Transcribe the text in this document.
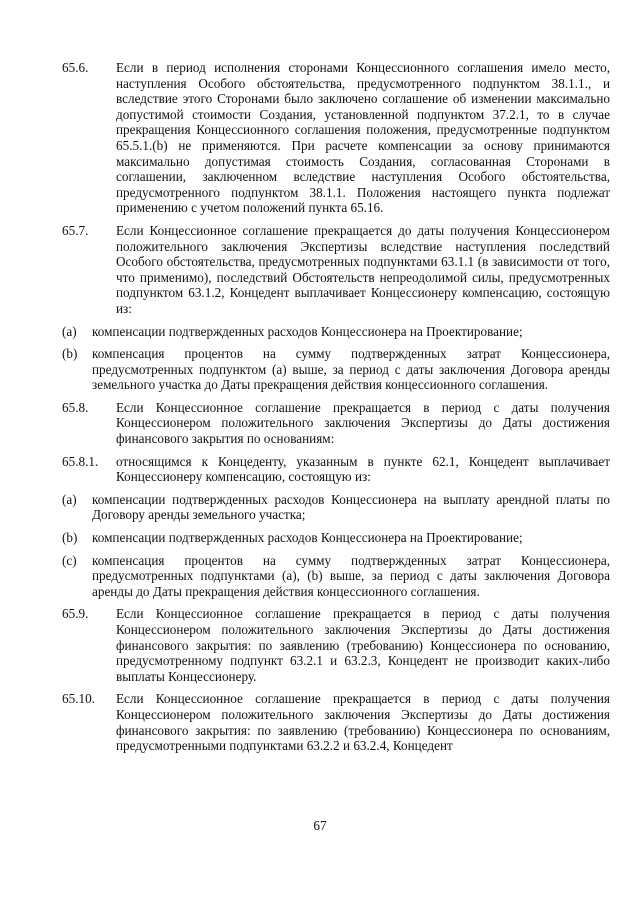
65.6.	Если в период исполнения сторонами Концессионного соглашения имело место, наступления Особого обстоятельства, предусмотренного подпунктом 38.1.1., и вследствие этого Сторонами было заключено соглашение об изменении максимально допустимой стоимости Создания, установленной подпунктом 37.2.1, то в случае прекращения Концессионного соглашения положения, предусмотренные подпунктом 65.5.1.(b) не применяются. При расчете компенсации за основу принимаются максимально допустимая стоимость Создания, согласованная Сторонами в соглашении, заключенном вследствие наступления Особого обстоятельства, предусмотренного подпунктом 38.1.1. Положения настоящего пункта подлежат применению с учетом положений пункта 65.16.
65.7.	Если Концессионное соглашение прекращается до даты получения Концессионером положительного заключения Экспертизы вследствие наступления последствий Особого обстоятельства, предусмотренных подпунктами 63.1.1 (в зависимости от того, что применимо), последствий Обстоятельств непреодолимой силы, предусмотренных подпунктом 63.1.2, Концедент выплачивает Концессионеру компенсацию, состоящую из:
(a)	компенсации подтвержденных расходов Концессионера на Проектирование;
(b)	компенсация процентов на сумму подтвержденных затрат Концессионера, предусмотренных подпунктом (а) выше, за период с даты заключения Договора аренды земельного участка до Даты прекращения действия концессионного соглашения.
65.8.	Если Концессионное соглашение прекращается в период с даты получения Концессионером положительного заключения Экспертизы до Даты достижения финансового закрытия по основаниям:
65.8.1.	относящимся к Концеденту, указанным в пункте 62.1, Концедент выплачивает Концессионеру компенсацию, состоящую из:
(a)	компенсации подтвержденных расходов Концессионера на выплату арендной платы по Договору аренды земельного участка;
(b)	компенсации подтвержденных расходов Концессионера на Проектирование;
(c)	компенсация процентов на сумму подтвержденных затрат Концессионера, предусмотренных подпунктами (а), (b) выше, за период с даты заключения Договора аренды до Даты прекращения действия концессионного соглашения.
65.9.	Если Концессионное соглашение прекращается в период с даты получения Концессионером положительного заключения Экспертизы до Даты достижения финансового закрытия: по заявлению (требованию) Концессионера по основанию, предусмотренному подпункт 63.2.1 и 63.2.3, Концедент не производит каких-либо выплаты Концессионеру.
65.10.	Если Концессионное соглашение прекращается в период с даты получения Концессионером положительного заключения Экспертизы до Даты достижения финансового закрытия: по заявлению (требованию) Концессионера по основаниям, предусмотренными подпунктами 63.2.2 и 63.2.4, Концедент
67
